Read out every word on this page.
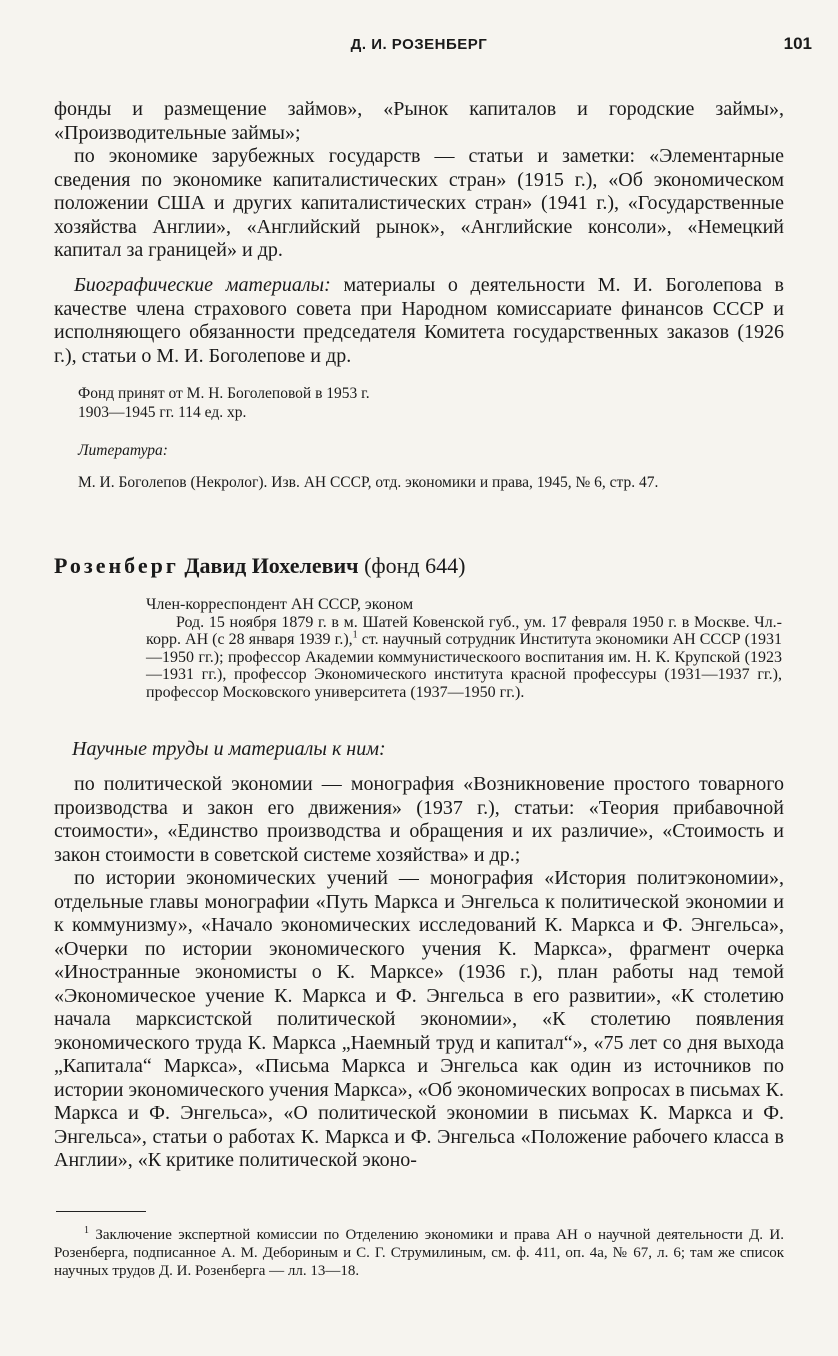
Д. И. РОЗЕНБЕРГ	101

фонды и размещение займов», «Рынок капиталов и городские займы», «Производительные займы»;

по экономике зарубежных государств — статьи и заметки: «Элементарные сведения по экономике капиталистических стран» (1915 г.), «Об экономическом положении США и других капиталистических стран» (1941 г.), «Государственные хозяйства Англии», «Английский рынок», «Английские консоли», «Немецкий капитал за границей» и др.

Биографические материалы: материалы о деятельности М. И. Боголепова в качестве члена страхового совета при Народном комиссариате финансов СССР и исполняющего обязанности председателя Комитета государственных заказов (1926 г.), статьи о М. И. Боголепове и др.

Фонд принят от М. Н. Боголеповой в 1953 г.

1903—1945 гг. 114 ед. хр.

Литература:
М. И. Боголепов (Некролог). Изв. АН СССР, отд. экономики и права, 1945, № 6, стр. 47.
Розенберг Давид Иохелевич (фонд 644)

Член-корреспондент АН СССР, эконом

Род. 15 ноября 1879 г. в м. Шатей Ковенской губ., ум. 17 февраля 1950 г. в Москве. Чл.-корр. АН (с 28 января 1939 г.),$^1$ ст. научный сотрудник Института экономики АН СССР (1931—1950 гг.); профессор Академии коммунистическоого воспитания им. Н. К. Крупской (1923—1931 гг.), профессор Экономического института красной профессуры (1931—1937 гг.), профессор Московского университета (1937—1950 гг.).

Научные труды и материалы к ним:

по политической экономии — монография «Возникновение простого товарного производства и закон его движения» (1937 г.), статьи: «Теория прибавочной стоимости», «Единство производства и обращения и их различие», «Стоимость и закон стоимости в советской системе хозяйства» и др.;

по истории экономических учений — монография «История политэкономии», отдельные главы монографии «Путь Маркса и Энгельса к политической экономии и к коммунизму», «Начало экономических исследований К. Маркса и Ф. Энгельса», «Очерки по истории экономического учения К. Маркса», фрагмент очерка «Иностранные экономисты о К. Марксе» (1936 г.), план работы над темой «Экономическое учение К. Маркса и Ф. Энгельса в его развитии», «К столетию начала марксистской политической экономии», «К столетию появления экономического труда К. Маркса „Наемный труд и капитал“», «75 лет со дня выхода „Капитала“ Маркса», «Письма Маркса и Энгельса как один из источников по истории экономического учения Маркса», «Об экономических вопросах в письмах К. Маркса и Ф. Энгельса», «О политической экономии в письмах К. Маркса и Ф. Энгельса», статьи о работах К. Маркса и Ф. Энгельса «Положение рабочего класса в Англии», «К критике политической эконо-

$^1$ Заключение экспертной комиссии по Отделению экономики и права АН о научной деятельности Д. И. Розенберга, подписанное А. М. Дебориным и С. Г. Струмилиным, см. ф. 411, оп. 4а, № 67, л. 6; там же список научных трудов Д. И. Розенберга — лл. 13—18.
